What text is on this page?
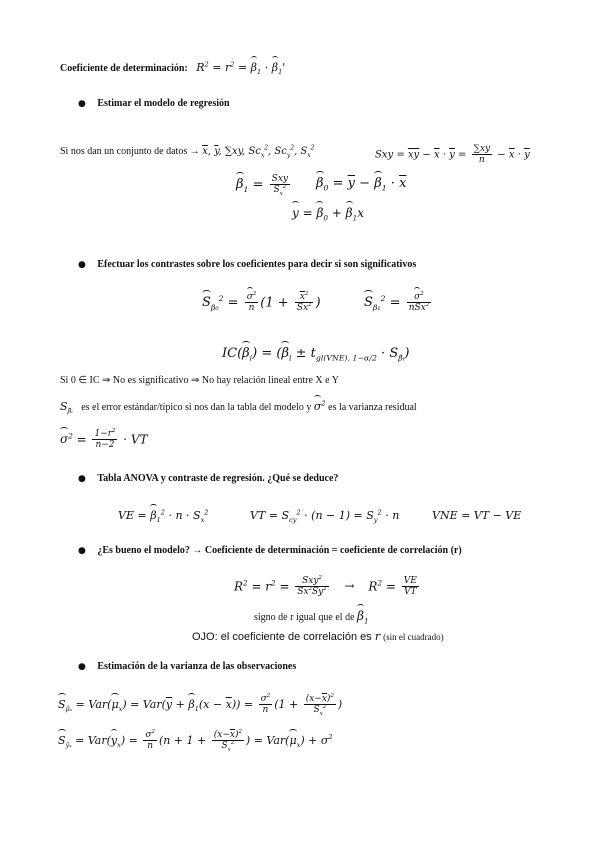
Coeficiente de determinación: $R^2 = r^2 = \beta_1 \cdot \beta_1'$
● Estimar el modelo de regresión
Si nos dan un conjunto de datos → $\overline{x}$, $\overline{y}$, ∑xy, $Sc_x^2$, $Sc_y^2$, $S_x^2$
Sxy = $\overline{xy} - \overline{x} \cdot \overline{y} = \frac{\sum xy}{n} - \overline{x} \cdot \overline{y}$
$\beta_1 = \frac{\text{Sxy}}{S_x^2} \beta_0 = \overline{y} - \beta_1 \cdot \overline{x}$
$y = \beta_0 + \beta_1x$
● Efectuar los contrastes sobre los coeficientes para decir si son significativos
$S_{\beta_0}^2 = \frac{\sigma^2}{n} (1 + \frac{\overline{x}^2}{Sx^2}$ )	$S_{\beta_1}^2 = \frac{\sigma^2}{nSx^2}$
$IC(\beta_i) = (\beta_i \pm t_{gl(VNE), 1-\alpha/2} \cdot S_{\betâᵢ})$
Si 0 ∈ IC ⇒ No es significativo ⇒ No hay relación lineal entre X e Y
$S_{\betâᵢ}$ es el error estándar/típico si nos dan la tabla del modelo y $\sigma^2$ es la varianza residual
$\sigma^2 = \frac{1-r^2}{n-2}$ · VT
● Tabla ANOVA y contraste de regresión. ¿Qué se deduce?
VE = $\beta_1^2 \cdot n \cdot S_x^2$	VT = $S_{cy}^2 \cdot (n - 1) = S_y^2 \cdot n$	VNE = VT − VE
● ¿Es bueno el modelo? → Coeficiente de determinación = coeficiente de correlación (r)
$R^2 = r^2 = \frac{Sxy^2}{Sx^2Sy^2} \to R^2 = \frac{VE}{VT}$
signo de r igual que el de $\beta_1$
OJO: el coeficiente de correlación es r (sin el cuadrado)
● Estimación de la varianza de las observaciones
$S_{\mû_x} = Var(\mu_x) = Var(\overline{y} + \beta_1(x - \overline{x})) = \frac{\sigma^2}{n} (1 + \frac{(x-\overline{x})^2}{S_x^2}$ )
$S_{ŷ_x} = Var(y_x) = \frac{\sigma^2}{n} (n + 1 + \frac{(x-\overline{x})^2}{S_x^2}$ ) = $Var(\mu_x) + \sigma^2$
